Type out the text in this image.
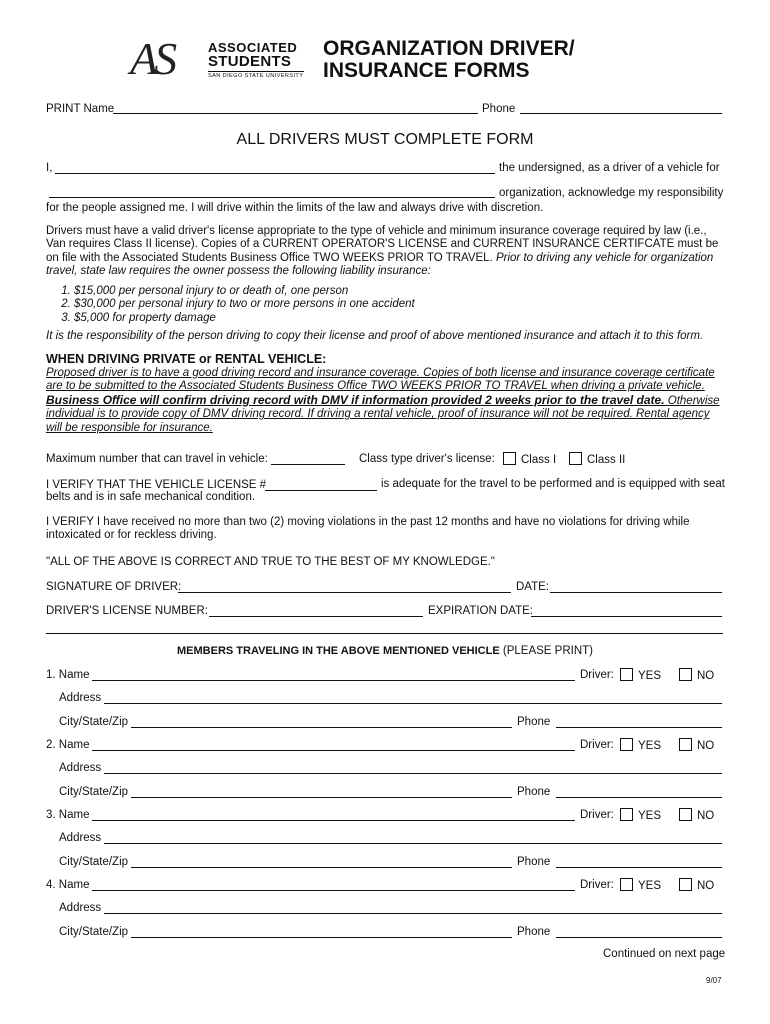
AS	ASSOCIATED
STUDENTS
SAN DIEGO STATE UNIVERSITY
ORGANIZATION DRIVER/
INSURANCE FORMS
PRINT Name	Phone
ALL DRIVERS MUST COMPLETE FORM
I,	the undersigned, as a driver of a vehicle for
organization, acknowledge my responsibility
for the people assigned me. I will drive within the limits of the law and always drive with discretion.
Drivers must have a valid driver's license appropriate to the type of vehicle and minimum insurance coverage required by law (i.e., Van requires Class II license). Copies of a CURRENT OPERATOR'S LICENSE and CURRENT INSURANCE CERTIFCATE must be on file with the Associated Students Business Office TWO WEEKS PRIOR TO TRAVEL. Prior to driving any vehicle for organization travel, state law requires the owner possess the following liability insurance:
1. $15,000 per personal injury to or death of, one person
2. $30,000 per personal injury to two or more persons in one accident
3. $5,000 for property damage
It is the responsibility of the person driving to copy their license and proof of above mentioned insurance and attach it to this form.
WHEN DRIVING PRIVATE or RENTAL VEHICLE:
Proposed driver is to have a good driving record and insurance coverage. Copies of both license and insurance coverage certificate are to be submitted to the Associated Students Business Office TWO WEEKS PRIOR TO TRAVEL when driving a private vehicle. Business Office will confirm driving record with DMV if information provided 2 weeks prior to the travel date. Otherwise individual is to provide copy of DMV driving record. If driving a rental vehicle, proof of insurance will not be required. Rental agency will be responsible for insurance.
Maximum number that can travel in vehicle:	Class type driver's license:	Class I	Class II
I VERIFY THAT THE VEHICLE LICENSE #	is adequate for the travel to be performed and is equipped with seat belts and is in safe mechanical condition.
I VERIFY I have received no more than two (2) moving violations in the past 12 months and have no violations for driving while intoxicated or for reckless driving.
"ALL OF THE ABOVE IS CORRECT AND TRUE TO THE BEST OF MY KNOWLEDGE."
SIGNATURE OF DRIVER:	DATE:
DRIVER'S LICENSE NUMBER:	EXPIRATION DATE:
MEMBERS TRAVELING IN THE ABOVE MENTIONED VEHICLE (PLEASE PRINT)
1. Name	Driver:	YES	NO
Address
City/State/Zip	Phone
2. Name	Driver:	YES	NO
Address
City/State/Zip	Phone
3. Name	Driver:	YES	NO
Address
City/State/Zip	Phone
4. Name	Driver:	YES	NO
Address
City/State/Zip	Phone
Continued on next page
9/07
